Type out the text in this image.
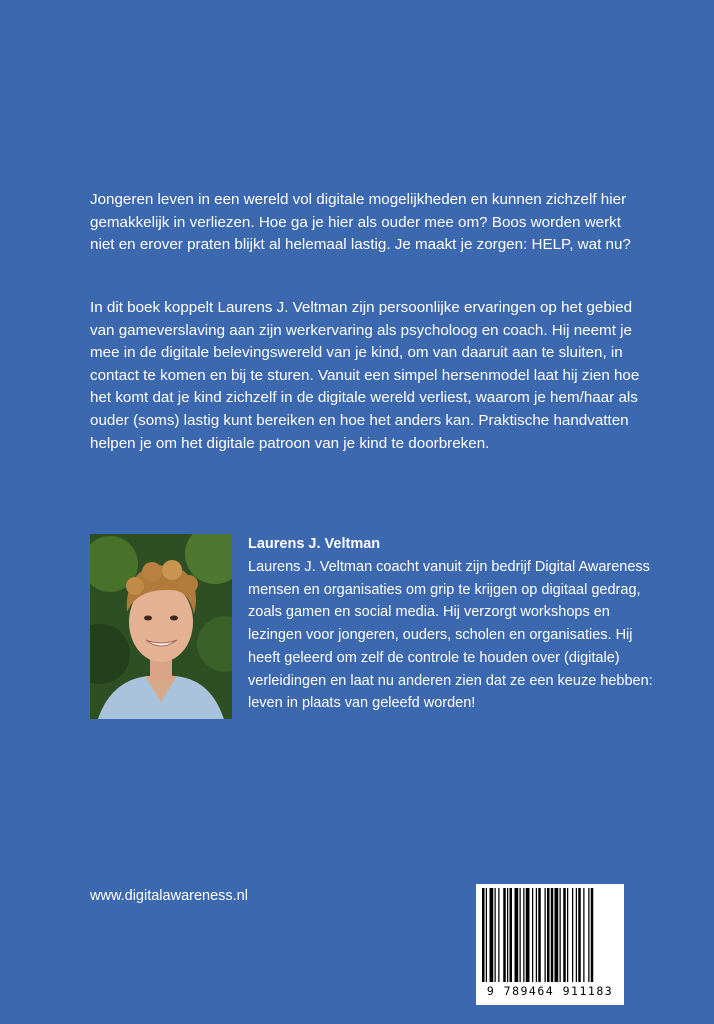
Jongeren leven in een wereld vol digitale mogelijkheden en kunnen zichzelf hier gemakkelijk in verliezen. Hoe ga je hier als ouder mee om? Boos worden werkt niet en erover praten blijkt al helemaal lastig. Je maakt je zorgen: HELP, wat nu?

In dit boek koppelt Laurens J. Veltman zijn persoonlijke ervaringen op het gebied van gameverslaving aan zijn werkervaring als psycholoog en coach. Hij neemt je mee in de digitale belevingswereld van je kind, om van daaruit aan te sluiten, in contact te komen en bij te sturen. Vanuit een simpel hersenmodel laat hij zien hoe het komt dat je kind zichzelf in de digitale wereld verliest, waarom je hem/haar als ouder (soms) lastig kunt bereiken en hoe het anders kan. Praktische handvatten helpen je om het digitale patroon van je kind te doorbreken.

Laurens J. Veltman

Laurens J. Veltman coacht vanuit zijn bedrijf Digital Awareness mensen en organisaties om grip te krijgen op digitaal gedrag, zoals gamen en social media. Hij verzorgt workshops en lezingen voor jongeren, ouders, scholen en organisaties. Hij heeft geleerd om zelf de controle te houden over (digitale) verleidingen en laat nu anderen zien dat ze een keuze hebben: leven in plaats van geleefd worden!

www.digitalawareness.nl

9 789464 911183
